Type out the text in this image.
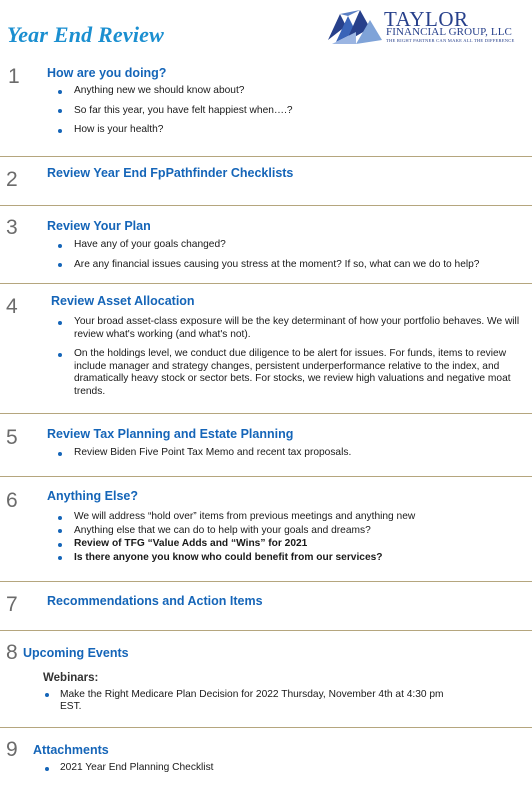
Year End Review
TAYLOR
FINANCIAL GROUP, LLC
THE RIGHT PARTNER CAN MAKE ALL THE DIFFERENCE
1 How are you doing?
Anything new we should know about?
So far this year, you have felt happiest when….?
How is your health?
2 Review Year End FpPathfinder Checklists
3 Review Your Plan
Have any of your goals changed?
Are any financial issues causing you stress at the moment? If so, what can we do to help?
4	Review Asset Allocation
Your broad asset-class exposure will be the key determinant of how your portfolio behaves. We will review what's working (and what's not).
On the holdings level, we conduct due diligence to be alert for issues. For funds, items to review include manager and strategy changes, persistent underperformance relative to the index, and dramatically heavy stock or sector bets. For stocks, we review high valuations and negative moat trends.
5 Review Tax Planning and Estate Planning
Review Biden Five Point Tax Memo and recent tax proposals.
6 Anything Else?
We will address “hold over” items from previous meetings and anything new
Anything else that we can do to help with your goals and dreams?
Review of TFG “Value Adds and “Wins” for 2021
Is there anyone you know who could benefit from our services?
7 Recommendations and Action Items
8 Upcoming Events
Webinars:
Make the Right Medicare Plan Decision for 2022 Thursday, November 4th at 4:30 pm EST.
9 Attachments
2021 Year End Planning Checklist
